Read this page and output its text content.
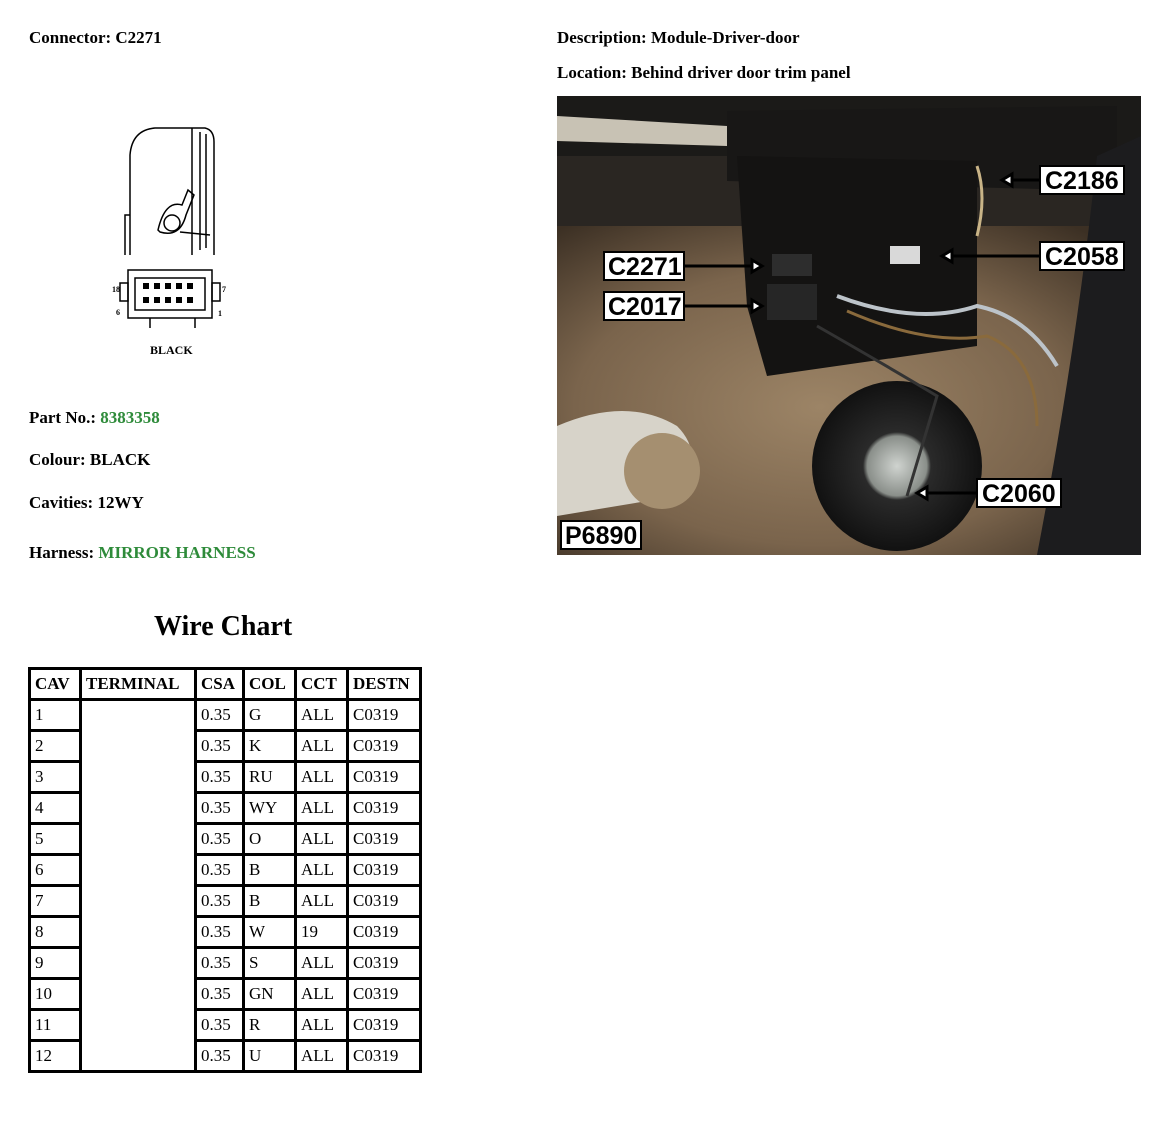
Connector: C2271	Description: Module-Driver-door
Location: Behind driver door trim panel
18	7
6	1
BLACK
Part No.: 8383358
Colour: BLACK
Cavities: 12WY
Harness: MIRROR HARNESS
C2186
C2271	C2058
C2017
C2060
P6890
Wire Chart
CAV	TERMINAL	CSA	COL	CCT	DESTN
1		0.35	G	ALL	C0319
2		0.35	K	ALL	C0319
3		0.35	RU	ALL	C0319
4		0.35	WY	ALL	C0319
5		0.35	O	ALL	C0319
6		0.35	B	ALL	C0319
7		0.35	B	ALL	C0319
8		0.35	W	19	C0319
9		0.35	S	ALL	C0319
10		0.35	GN	ALL	C0319
11		0.35	R	ALL	C0319
12		0.35	U	ALL	C0319
